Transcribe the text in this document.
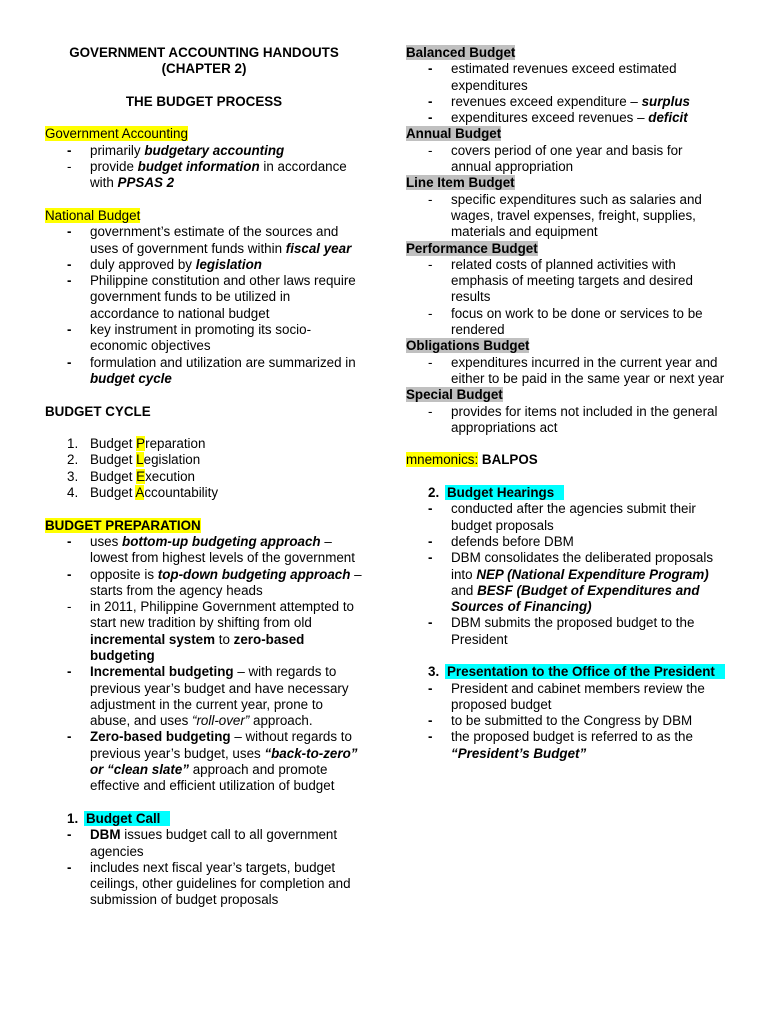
GOVERNMENT ACCOUNTING HANDOUTS
(CHAPTER 2)
THE BUDGET PROCESS
Government Accounting
- primarily budgetary accounting
- provide budget information in accordance with PPSAS 2
National Budget
- government’s estimate of the sources and uses of government funds within fiscal year
- duly approved by legislation
- Philippine constitution and other laws require government funds to be utilized in accordance to national budget
- key instrument in promoting its socio-economic objectives
- formulation and utilization are summarized in budget cycle
BUDGET CYCLE
1. Budget Preparation
2. Budget Legislation
3. Budget Execution
4. Budget Accountability
BUDGET PREPARATION
- uses bottom-up budgeting approach – lowest from highest levels of the government
- opposite is top-down budgeting approach – starts from the agency heads
- in 2011, Philippine Government attempted to start new tradition by shifting from old incremental system to zero-based budgeting
- Incremental budgeting – with regards to previous year’s budget and have necessary adjustment in the current year, prone to abuse, and uses “roll-over” approach.
- Zero-based budgeting – without regards to previous year’s budget, uses “back-to-zero” or “clean slate” approach and promote effective and efficient utilization of budget
1. Budget Call
- DBM issues budget call to all government agencies
- includes next fiscal year’s targets, budget ceilings, other guidelines for completion and submission of budget proposals
Balanced Budget
- estimated revenues exceed estimated expenditures
- revenues exceed expenditure – surplus
- expenditures exceed revenues – deficit
Annual Budget
- covers period of one year and basis for annual appropriation
Line Item Budget
- specific expenditures such as salaries and wages, travel expenses, freight, supplies, materials and equipment
Performance Budget
- related costs of planned activities with emphasis of meeting targets and desired results
- focus on work to be done or services to be rendered
Obligations Budget
- expenditures incurred in the current year and either to be paid in the same year or next year
Special Budget
- provides for items not included in the general appropriations act
mnemonics: BALPOS
2. Budget Hearings
- conducted after the agencies submit their budget proposals
- defends before DBM
- DBM consolidates the deliberated proposals into NEP (National Expenditure Program) and BESF (Budget of Expenditures and Sources of Financing)
- DBM submits the proposed budget to the President
3. Presentation to the Office of the President
- President and cabinet members review the proposed budget
- to be submitted to the Congress by DBM
- the proposed budget is referred to as the “President’s Budget”
